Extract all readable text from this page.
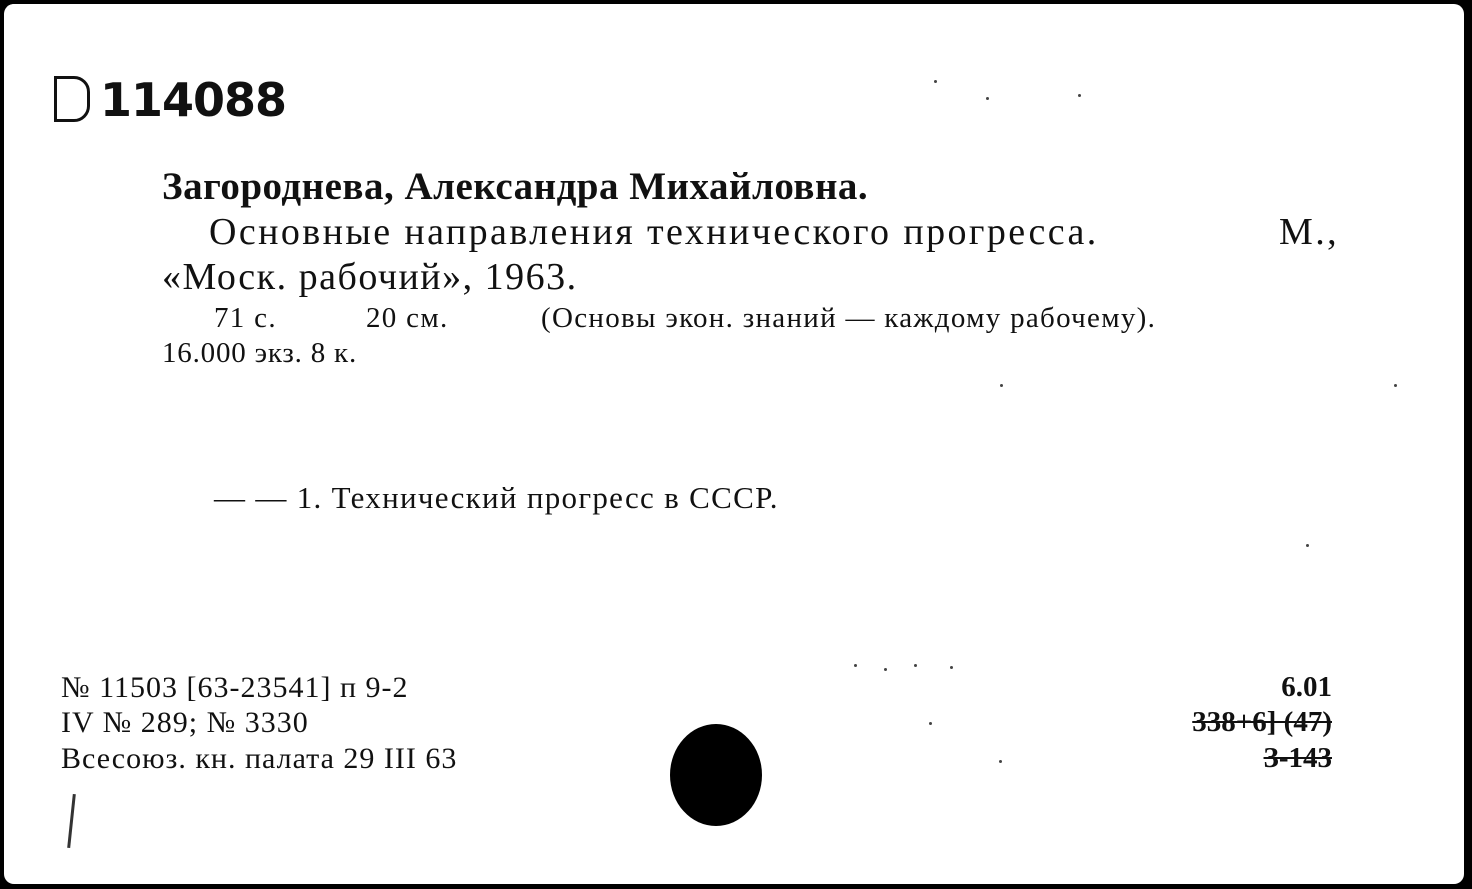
114088
Загороднева, Александра Михайловна.
Основные направления технического прогресса.	М.,
«Моск. рабочий», 1963.
71 с.	20 см.	(Основы экон. знаний — каждому рабочему).
16.000 экз. 8 к.
— — 1. Технический прогресс в СССР.
№ 11503 [63-23541] п 9-2
IV № 289; № 3330
Всесоюз. кн. палата 29 III 63
6.01
338+6] (47)
З-143
